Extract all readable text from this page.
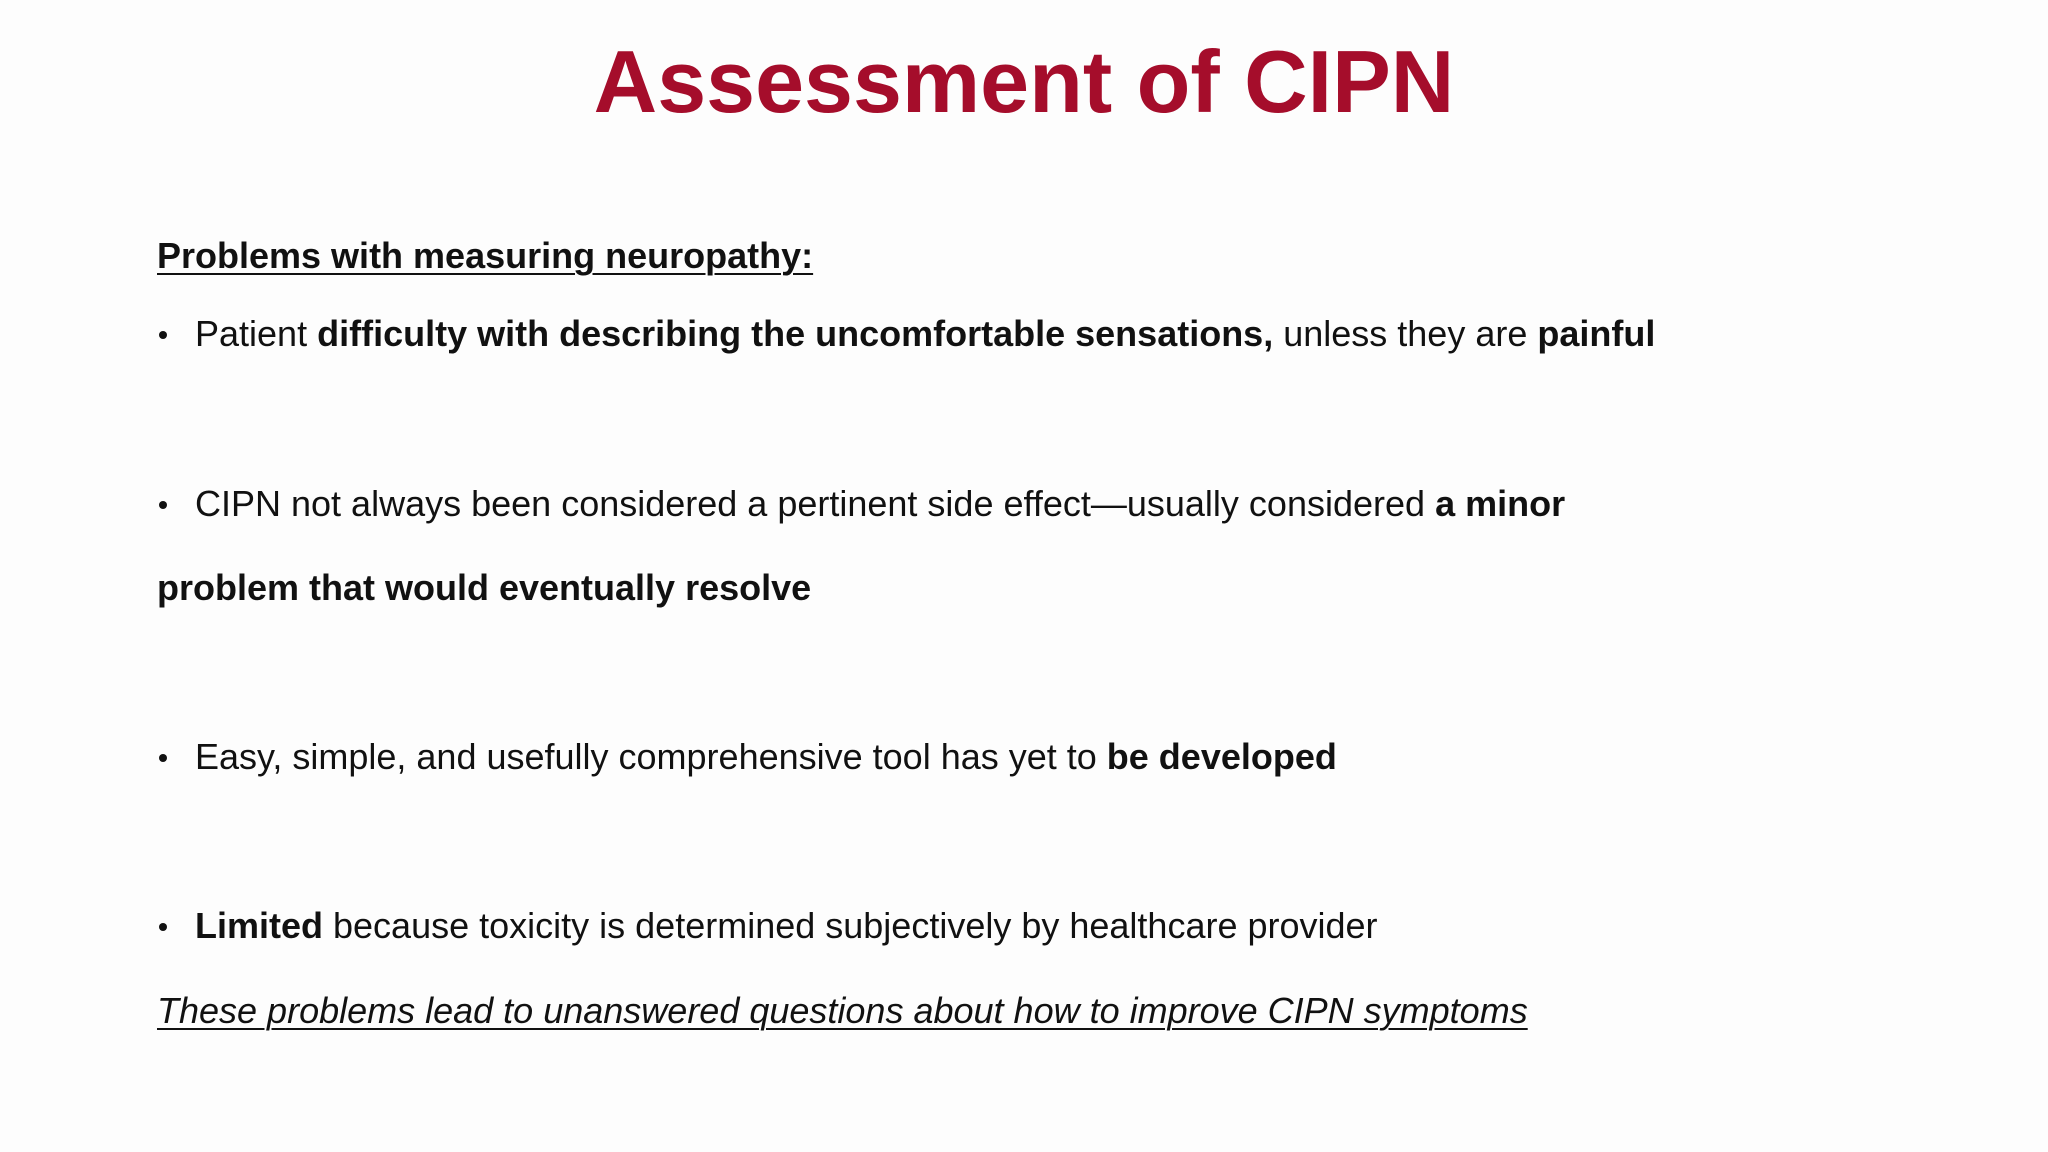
Assessment of CIPN
Problems with measuring neuropathy:
Patient difficulty with describing the uncomfortable sensations, unless they are painful
CIPN not always been considered a pertinent side effect—usually considered a minor
problem that would eventually resolve
Easy, simple, and usefully comprehensive tool has yet to be developed
Limited because toxicity is determined subjectively by healthcare provider
These problems lead to unanswered questions about how to improve CIPN symptoms
